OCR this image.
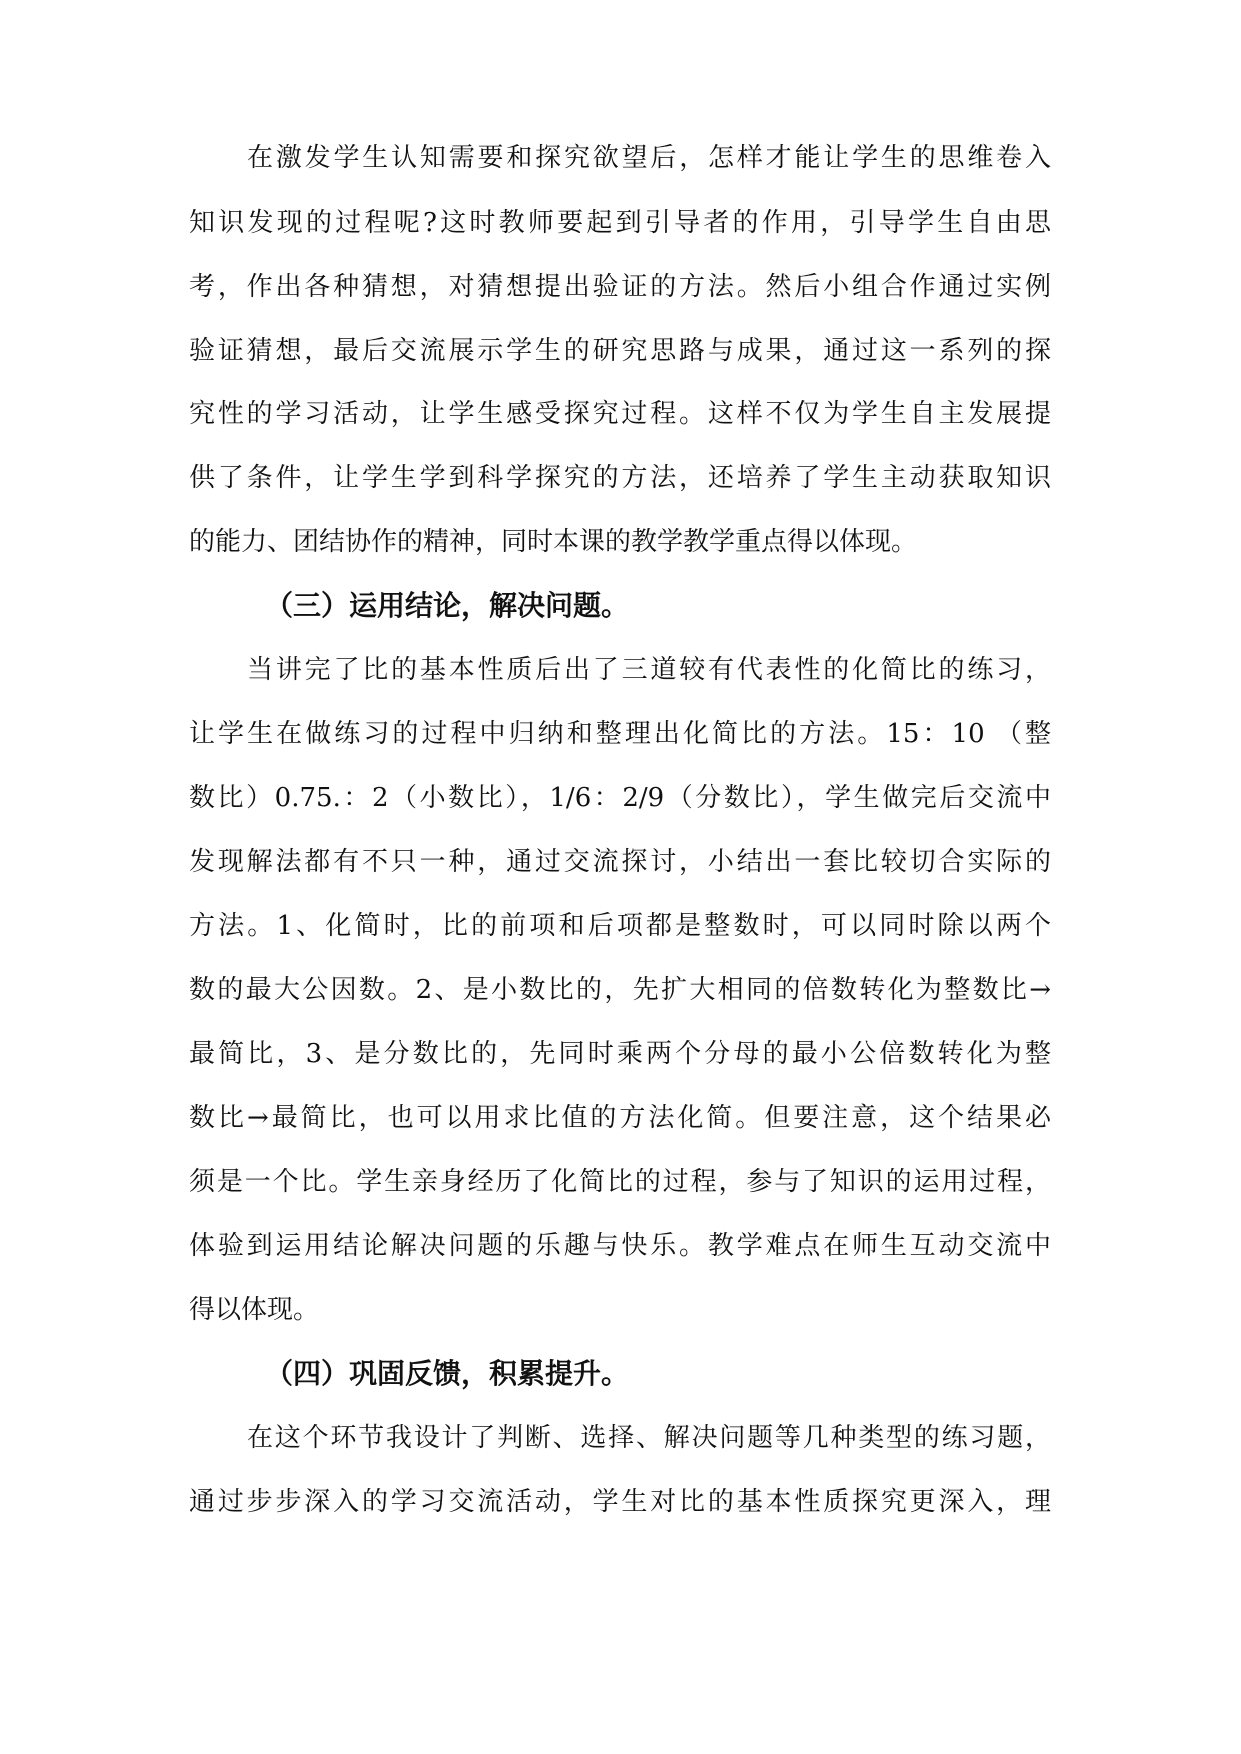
在激发学生认知需要和探究欲望后，怎样才能让学生的思维卷入
知识发现的过程呢?这时教师要起到引导者的作用，引导学生自由思
考，作出各种猜想，对猜想提出验证的方法。然后小组合作通过实例
验证猜想，最后交流展示学生的研究思路与成果，通过这一系列的探
究性的学习活动，让学生感受探究过程。这样不仅为学生自主发展提
供了条件，让学生学到科学探究的方法，还培养了学生主动获取知识
的能力、团结协作的精神，同时本课的教学教学重点得以体现。
（三）运用结论，解决问题。
当讲完了比的基本性质后出了三道较有代表性的化简比的练习，
让学生在做练习的过程中归纳和整理出化简比的方法。15：10 （整
数比）0.75.：2（小数比），1/6：2/9（分数比），学生做完后交流中
发现解法都有不只一种，通过交流探讨，小结出一套比较切合实际的
方法。1、化简时，比的前项和后项都是整数时，可以同时除以两个
数的最大公因数。2、是小数比的，先扩大相同的倍数转化为整数比→
最简比，3、是分数比的，先同时乘两个分母的最小公倍数转化为整
数比→最简比，也可以用求比值的方法化简。但要注意，这个结果必
须是一个比。学生亲身经历了化简比的过程，参与了知识的运用过程，
体验到运用结论解决问题的乐趣与快乐。教学难点在师生互动交流中
得以体现。
（四）巩固反馈，积累提升。
在这个环节我设计了判断、选择、解决问题等几种类型的练习题，
通过步步深入的学习交流活动，学生对比的基本性质探究更深入，理
